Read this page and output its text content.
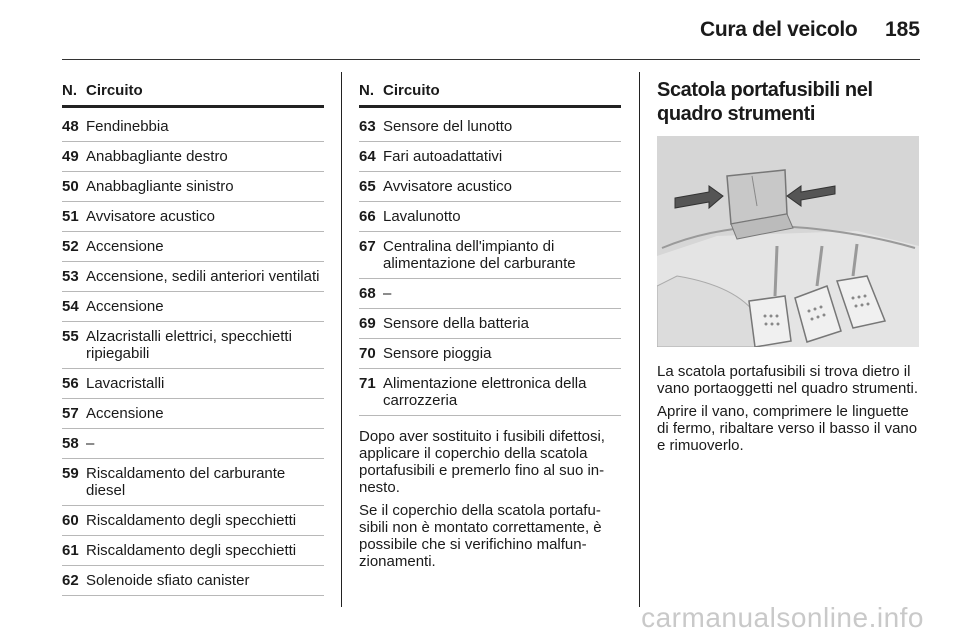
Cura del veicolo 185
N. Circuito
48 Fendinebbia
49 Anabbagliante destro
50 Anabbagliante sinistro
51 Avvisatore acustico
52 Accensione
53 Accensione, sedili anteriori ventilati
54 Accensione
55 Alzacristalli elettrici, specchietti ripiegabili
56 Lavacristalli
57 Accensione
58 –
59 Riscaldamento del carburante diesel
60 Riscaldamento degli specchietti
61 Riscaldamento degli specchietti
62 Solenoide sfiato canister
N. Circuito
63 Sensore del lunotto
64 Fari autoadattativi
65 Avvisatore acustico
66 Lavalunotto
67 Centralina dell'impianto di alimentazione del carburante
68 –
69 Sensore della batteria
70 Sensore pioggia
71 Alimentazione elettronica della carrozzeria

Dopo aver sostituito i fusibili difettosi, applicare il coperchio della scatola portafusibili e premerlo fino al suo innesto.

Se il coperchio della scatola portafusibili non è montato correttamente, è possibile che si verifichino malfunzionamenti.

Scatola portafusibili nel quadro strumenti

La scatola portafusibili si trova dietro il vano portaoggetti nel quadro strumenti.

Aprire il vano, comprimere le linguette di fermo, ribaltare verso il basso il vano e rimuoverlo.

carmanualsonline.info
